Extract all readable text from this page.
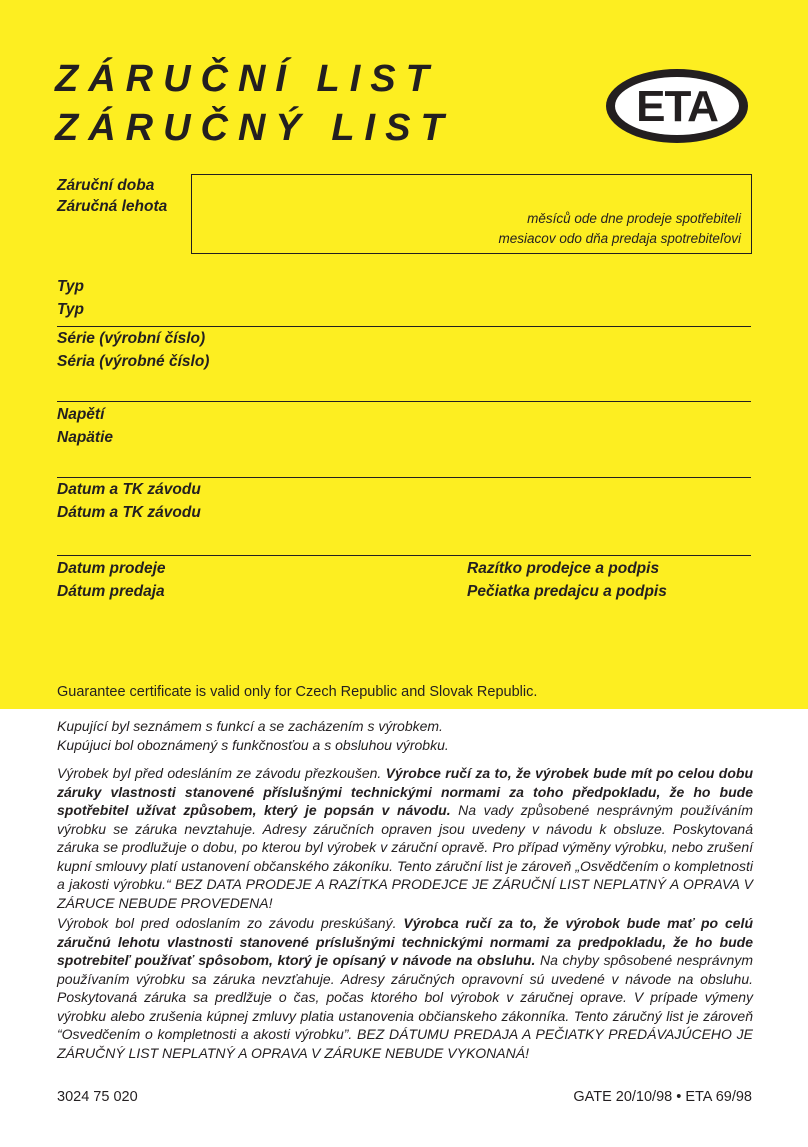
ZÁRUČNÍ LIST
ZÁRUČNÝ LIST	ETA
Záruční doba
Záručná lehota
měsíců ode dne prodeje spotřebiteli
mesiacov odo dňa predaja spotrebiteľovi
Typ
Typ
Série (výrobní číslo)
Séria (výrobné číslo)
Napětí
Napätie
Datum a TK závodu
Dátum a TK závodu
Datum prodeje
Dátum predaja
Razítko prodejce a podpis
Pečiatka predajcu a podpis
Guarantee certificate is valid only for Czech Republic and Slovak Republic.

Kupující byl seznámem s funkcí a se zacházením s výrobkem.
Kupújuci bol oboznámený s funkčnosťou a s obsluhou výrobku.

Výrobek byl před odesláním ze závodu přezkoušen. Výrobce ručí za to, že výrobek bude mít po celou dobu záruky vlastnosti stanovené příslušnými technickými normami za toho předpokladu, že ho bude spotřebitel užívat způsobem, který je popsán v návodu. Na vady způsobené nesprávným používáním výrobku se záruka nevztahuje. Adresy záručních opraven jsou uvedeny v návodu k obsluze. Poskytovaná záruka se prodlužuje o dobu, po kterou byl výrobek v záruční opravě. Pro případ výměny výrobku, nebo zrušení kupní smlouvy platí ustanovení občanského zákoníku. Tento záruční list je zároveň „Osvědčením o kompletnosti a jakosti výrobku.“ BEZ DATA PRODEJE A RAZÍTKA PRODEJCE JE ZÁRUČNÍ LIST NEPLATNÝ A OPRAVA V ZÁRUCE NEBUDE PROVEDENA!

Výrobok bol pred odoslaním zo závodu preskúšaný. Výrobca ručí za to, že výrobok bude mať po celú záručnú lehotu vlastnosti stanovené príslušnými technickými normami za predpokladu, že ho bude spotrebiteľ používať spôsobom, ktorý je opísaný v návode na obsluhu. Na chyby spôsobené nesprávnym používaním výrobku sa záruka nevzťahuje. Adresy záručných opravovní sú uvedené v návode na obsluhu. Poskytovaná záruka sa predlžuje o čas, počas ktorého bol výrobok v záručnej oprave. V prípade výmeny výrobku alebo zrušenia kúpnej zmluvy platia ustanovenia občianskeho zákonníka. Tento záručný list je zároveň “Osvedčením o kompletnosti a akosti výrobku”. BEZ DÁTUMU PREDAJA A PEČIATKY PREDÁVAJÚCEHO JE ZÁRUČNÝ LIST NEPLATNÝ A OPRAVA V ZÁRUKE NEBUDE VYKONANÁ!

3024 75 020	GATE 20/10/98 • ETA 69/98
